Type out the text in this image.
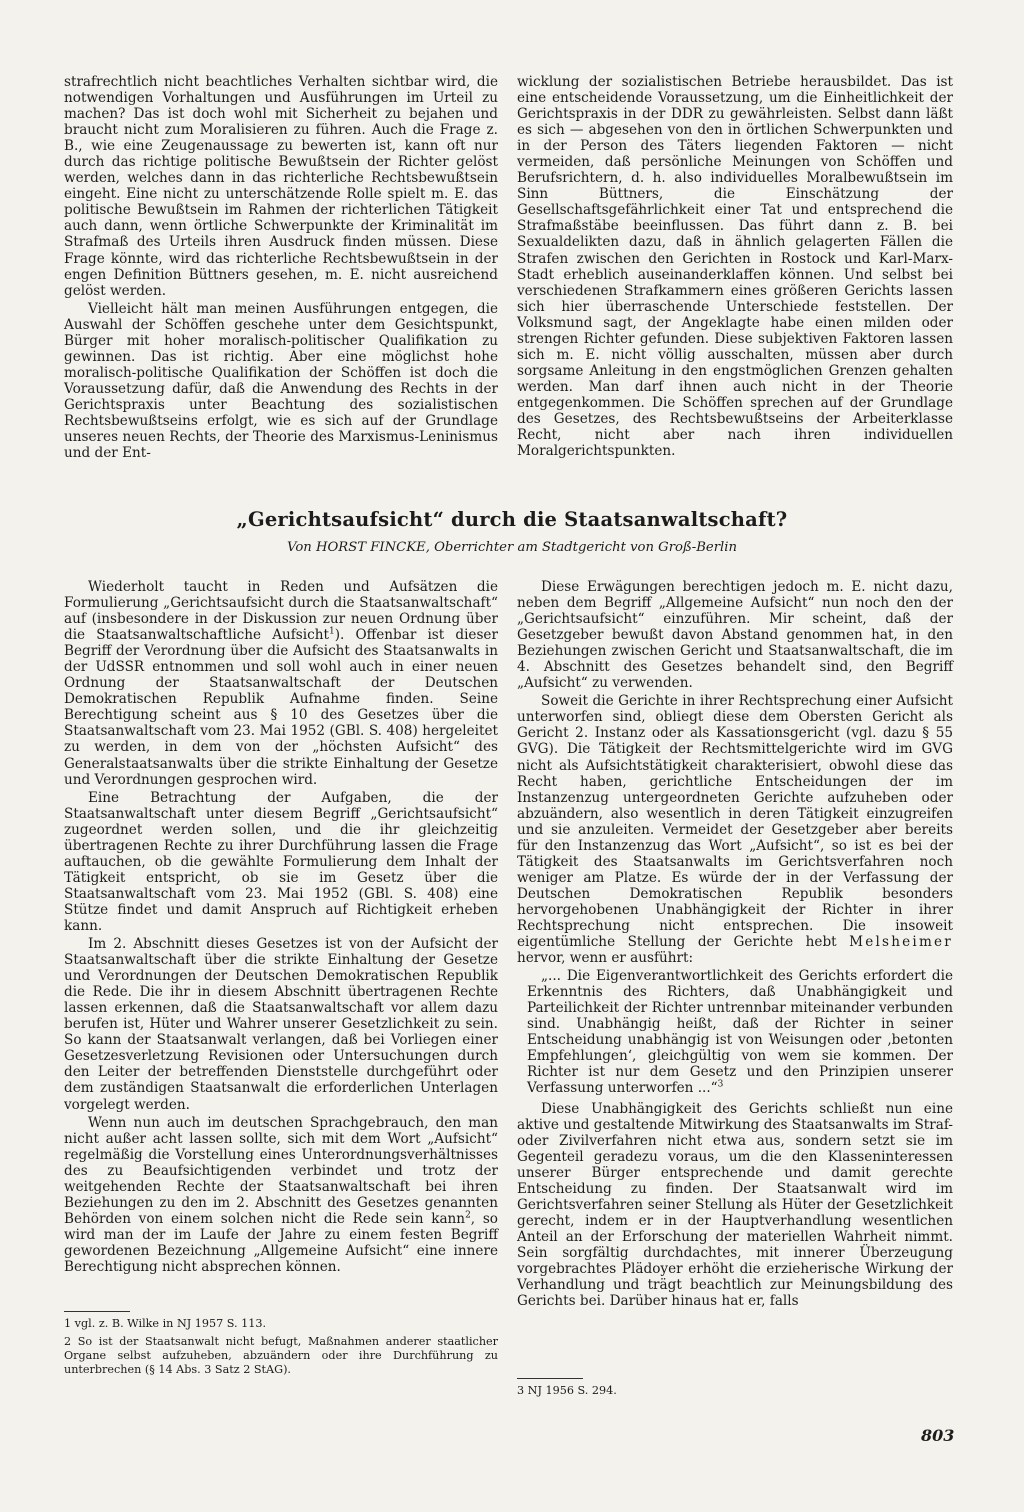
strafrechtlich nicht beachtliches Verhalten sichtbar wird, die notwendigen Vorhaltungen und Ausführungen im Urteil zu machen? Das ist doch wohl mit Sicherheit zu bejahen und braucht nicht zum Moralisieren zu führen. Auch die Frage z. B., wie eine Zeugenaussage zu bewerten ist, kann oft nur durch das richtige politische Bewußtsein der Richter gelöst werden, welches dann in das richterliche Rechtsbewußtsein eingeht. Eine nicht zu unterschätzende Rolle spielt m. E. das politische Bewußtsein im Rahmen der richterlichen Tätigkeit auch dann, wenn örtliche Schwerpunkte der Kriminalität im Strafmaß des Urteils ihren Ausdruck finden müssen. Diese Frage könnte, wird das richterliche Rechtsbewußtsein in der engen Definition Büttners gesehen, m. E. nicht ausreichend gelöst werden.

Vielleicht hält man meinen Ausführungen entgegen, die Auswahl der Schöffen geschehe unter dem Gesichtspunkt, Bürger mit hoher moralisch-politischer Qualifikation zu gewinnen. Das ist richtig. Aber eine möglichst hohe moralisch-politische Qualifikation der Schöffen ist doch die Voraussetzung dafür, daß die Anwendung des Rechts in der Gerichtspraxis unter Beachtung des sozialistischen Rechtsbewußtseins erfolgt, wie es sich auf der Grundlage unseres neuen Rechts, der Theorie des Marxismus-Leninismus und der Ent-

wicklung der sozialistischen Betriebe herausbildet. Das ist eine entscheidende Voraussetzung, um die Einheitlichkeit der Gerichtspraxis in der DDR zu gewährleisten. Selbst dann läßt es sich — abgesehen von den in örtlichen Schwerpunkten und in der Person des Täters liegenden Faktoren — nicht vermeiden, daß persönliche Meinungen von Schöffen und Berufsrichtern, d. h. also individuelles Moralbewußtsein im Sinn Büttners, die Einschätzung der Gesellschaftsgefährlichkeit einer Tat und entsprechend die Strafmaßstäbe beeinflussen. Das führt dann z. B. bei Sexualdelikten dazu, daß in ähnlich gelagerten Fällen die Strafen zwischen den Gerichten in Rostock und Karl-Marx-Stadt erheblich auseinanderklaffen können. Und selbst bei verschiedenen Strafkammern eines größeren Gerichts lassen sich hier überraschende Unterschiede feststellen. Der Volksmund sagt, der Angeklagte habe einen milden oder strengen Richter gefunden. Diese subjektiven Faktoren lassen sich m. E. nicht völlig ausschalten, müssen aber durch sorgsame Anleitung in den engstmöglichen Grenzen gehalten werden. Man darf ihnen auch nicht in der Theorie entgegenkommen. Die Schöffen sprechen auf der Grundlage des Gesetzes, des Rechtsbewußtseins der Arbeiterklasse Recht, nicht aber nach ihren individuellen Moralgerichtspunkten.

„Gerichtsaufsicht“ durch die Staatsanwaltschaft?
Von HORST FINCKE, Oberrichter am Stadtgericht von Groß-Berlin

Wiederholt taucht in Reden und Aufsätzen die Formulierung „Gerichtsaufsicht durch die Staatsanwaltschaft“ auf (insbesondere in der Diskussion zur neuen Ordnung über die Staatsanwaltschaftliche Aufsicht$^1$). Offenbar ist dieser Begriff der Verordnung über die Aufsicht des Staatsanwalts in der UdSSR entnommen und soll wohl auch in einer neuen Ordnung der Staatsanwaltschaft der Deutschen Demokratischen Republik Aufnahme finden. Seine Berechtigung scheint aus § 10 des Gesetzes über die Staatsanwaltschaft vom 23. Mai 1952 (GBl. S. 408) hergeleitet zu werden, in dem von der „höchsten Aufsicht“ des Generalstaatsanwalts über die strikte Einhaltung der Gesetze und Verordnungen gesprochen wird.

Eine Betrachtung der Aufgaben, die der Staatsanwaltschaft unter diesem Begriff „Gerichtsaufsicht“ zugeordnet werden sollen, und die ihr gleichzeitig übertragenen Rechte zu ihrer Durchführung lassen die Frage auftauchen, ob die gewählte Formulierung dem Inhalt der Tätigkeit entspricht, ob sie im Gesetz über die Staatsanwaltschaft vom 23. Mai 1952 (GBl. S. 408) eine Stütze findet und damit Anspruch auf Richtigkeit erheben kann.

Im 2. Abschnitt dieses Gesetzes ist von der Aufsicht der Staatsanwaltschaft über die strikte Einhaltung der Gesetze und Verordnungen der Deutschen Demokratischen Republik die Rede. Die ihr in diesem Abschnitt übertragenen Rechte lassen erkennen, daß die Staatsanwaltschaft vor allem dazu berufen ist, Hüter und Wahrer unserer Gesetzlichkeit zu sein. So kann der Staatsanwalt verlangen, daß bei Vorliegen einer Gesetzesverletzung Revisionen oder Untersuchungen durch den Leiter der betreffenden Dienststelle durchgeführt oder dem zuständigen Staatsanwalt die erforderlichen Unterlagen vorgelegt werden.

Wenn nun auch im deutschen Sprachgebrauch, den man nicht außer acht lassen sollte, sich mit dem Wort „Aufsicht“ regelmäßig die Vorstellung eines Unterordnungsverhältnisses des zu Beaufsichtigenden verbindet und trotz der weitgehenden Rechte der Staatsanwaltschaft bei ihren Beziehungen zu den im 2. Abschnitt des Gesetzes genannten Behörden von einem solchen nicht die Rede sein kann$^2$, so wird man der im Laufe der Jahre zu einem festen Begriff gewordenen Bezeichnung „Allgemeine Aufsicht“ eine innere Berechtigung nicht absprechen können.

1 vgl. z. B. Wilke in NJ 1957 S. 113.

2 So ist der Staatsanwalt nicht befugt, Maßnahmen anderer staatlicher Organe selbst aufzuheben, abzuändern oder ihre Durchführung zu unterbrechen (§ 14 Abs. 3 Satz 2 StAG).

Diese Erwägungen berechtigen jedoch m. E. nicht dazu, neben dem Begriff „Allgemeine Aufsicht“ nun noch den der „Gerichtsaufsicht“ einzuführen. Mir scheint, daß der Gesetzgeber bewußt davon Abstand genommen hat, in den Beziehungen zwischen Gericht und Staatsanwaltschaft, die im 4. Abschnitt des Gesetzes behandelt sind, den Begriff „Aufsicht“ zu verwenden.

Soweit die Gerichte in ihrer Rechtsprechung einer Aufsicht unterworfen sind, obliegt diese dem Obersten Gericht als Gericht 2. Instanz oder als Kassationsgericht (vgl. dazu § 55 GVG). Die Tätigkeit der Rechtsmittelgerichte wird im GVG nicht als Aufsichtstätigkeit charakterisiert, obwohl diese das Recht haben, gerichtliche Entscheidungen der im Instanzenzug untergeordneten Gerichte aufzuheben oder abzuändern, also wesentlich in deren Tätigkeit einzugreifen und sie anzuleiten. Vermeidet der Gesetzgeber aber bereits für den Instanzenzug das Wort „Aufsicht“, so ist es bei der Tätigkeit des Staatsanwalts im Gerichtsverfahren noch weniger am Platze. Es würde der in der Verfassung der Deutschen Demokratischen Republik besonders hervorgehobenen Unabhängigkeit der Richter in ihrer Rechtsprechung nicht entsprechen. Die insoweit eigentümliche Stellung der Gerichte hebt Melsheimer hervor, wenn er ausführt:

„... Die Eigenverantwortlichkeit des Gerichts erfordert die Erkenntnis des Richters, daß Unabhängigkeit und Parteilichkeit der Richter untrennbar miteinander verbunden sind. Unabhängig heißt, daß der Richter in seiner Entscheidung unabhängig ist von Weisungen oder ‚betonten Empfehlungen‘, gleichgültig von wem sie kommen. Der Richter ist nur dem Gesetz und den Prinzipien unserer Verfassung unterworfen ...“$^3$

Diese Unabhängigkeit des Gerichts schließt nun eine aktive und gestaltende Mitwirkung des Staatsanwalts im Straf- oder Zivilverfahren nicht etwa aus, sondern setzt sie im Gegenteil geradezu voraus, um die den Klasseninteressen unserer Bürger entsprechende und damit gerechte Entscheidung zu finden. Der Staatsanwalt wird im Gerichtsverfahren seiner Stellung als Hüter der Gesetzlichkeit gerecht, indem er in der Hauptverhandlung wesentlichen Anteil an der Erforschung der materiellen Wahrheit nimmt. Sein sorgfältig durchdachtes, mit innerer Überzeugung vorgebrachtes Plädoyer erhöht die erzieherische Wirkung der Verhandlung und trägt beachtlich zur Meinungsbildung des Gerichts bei. Darüber hinaus hat er, falls

3 NJ 1956 S. 294.

803
